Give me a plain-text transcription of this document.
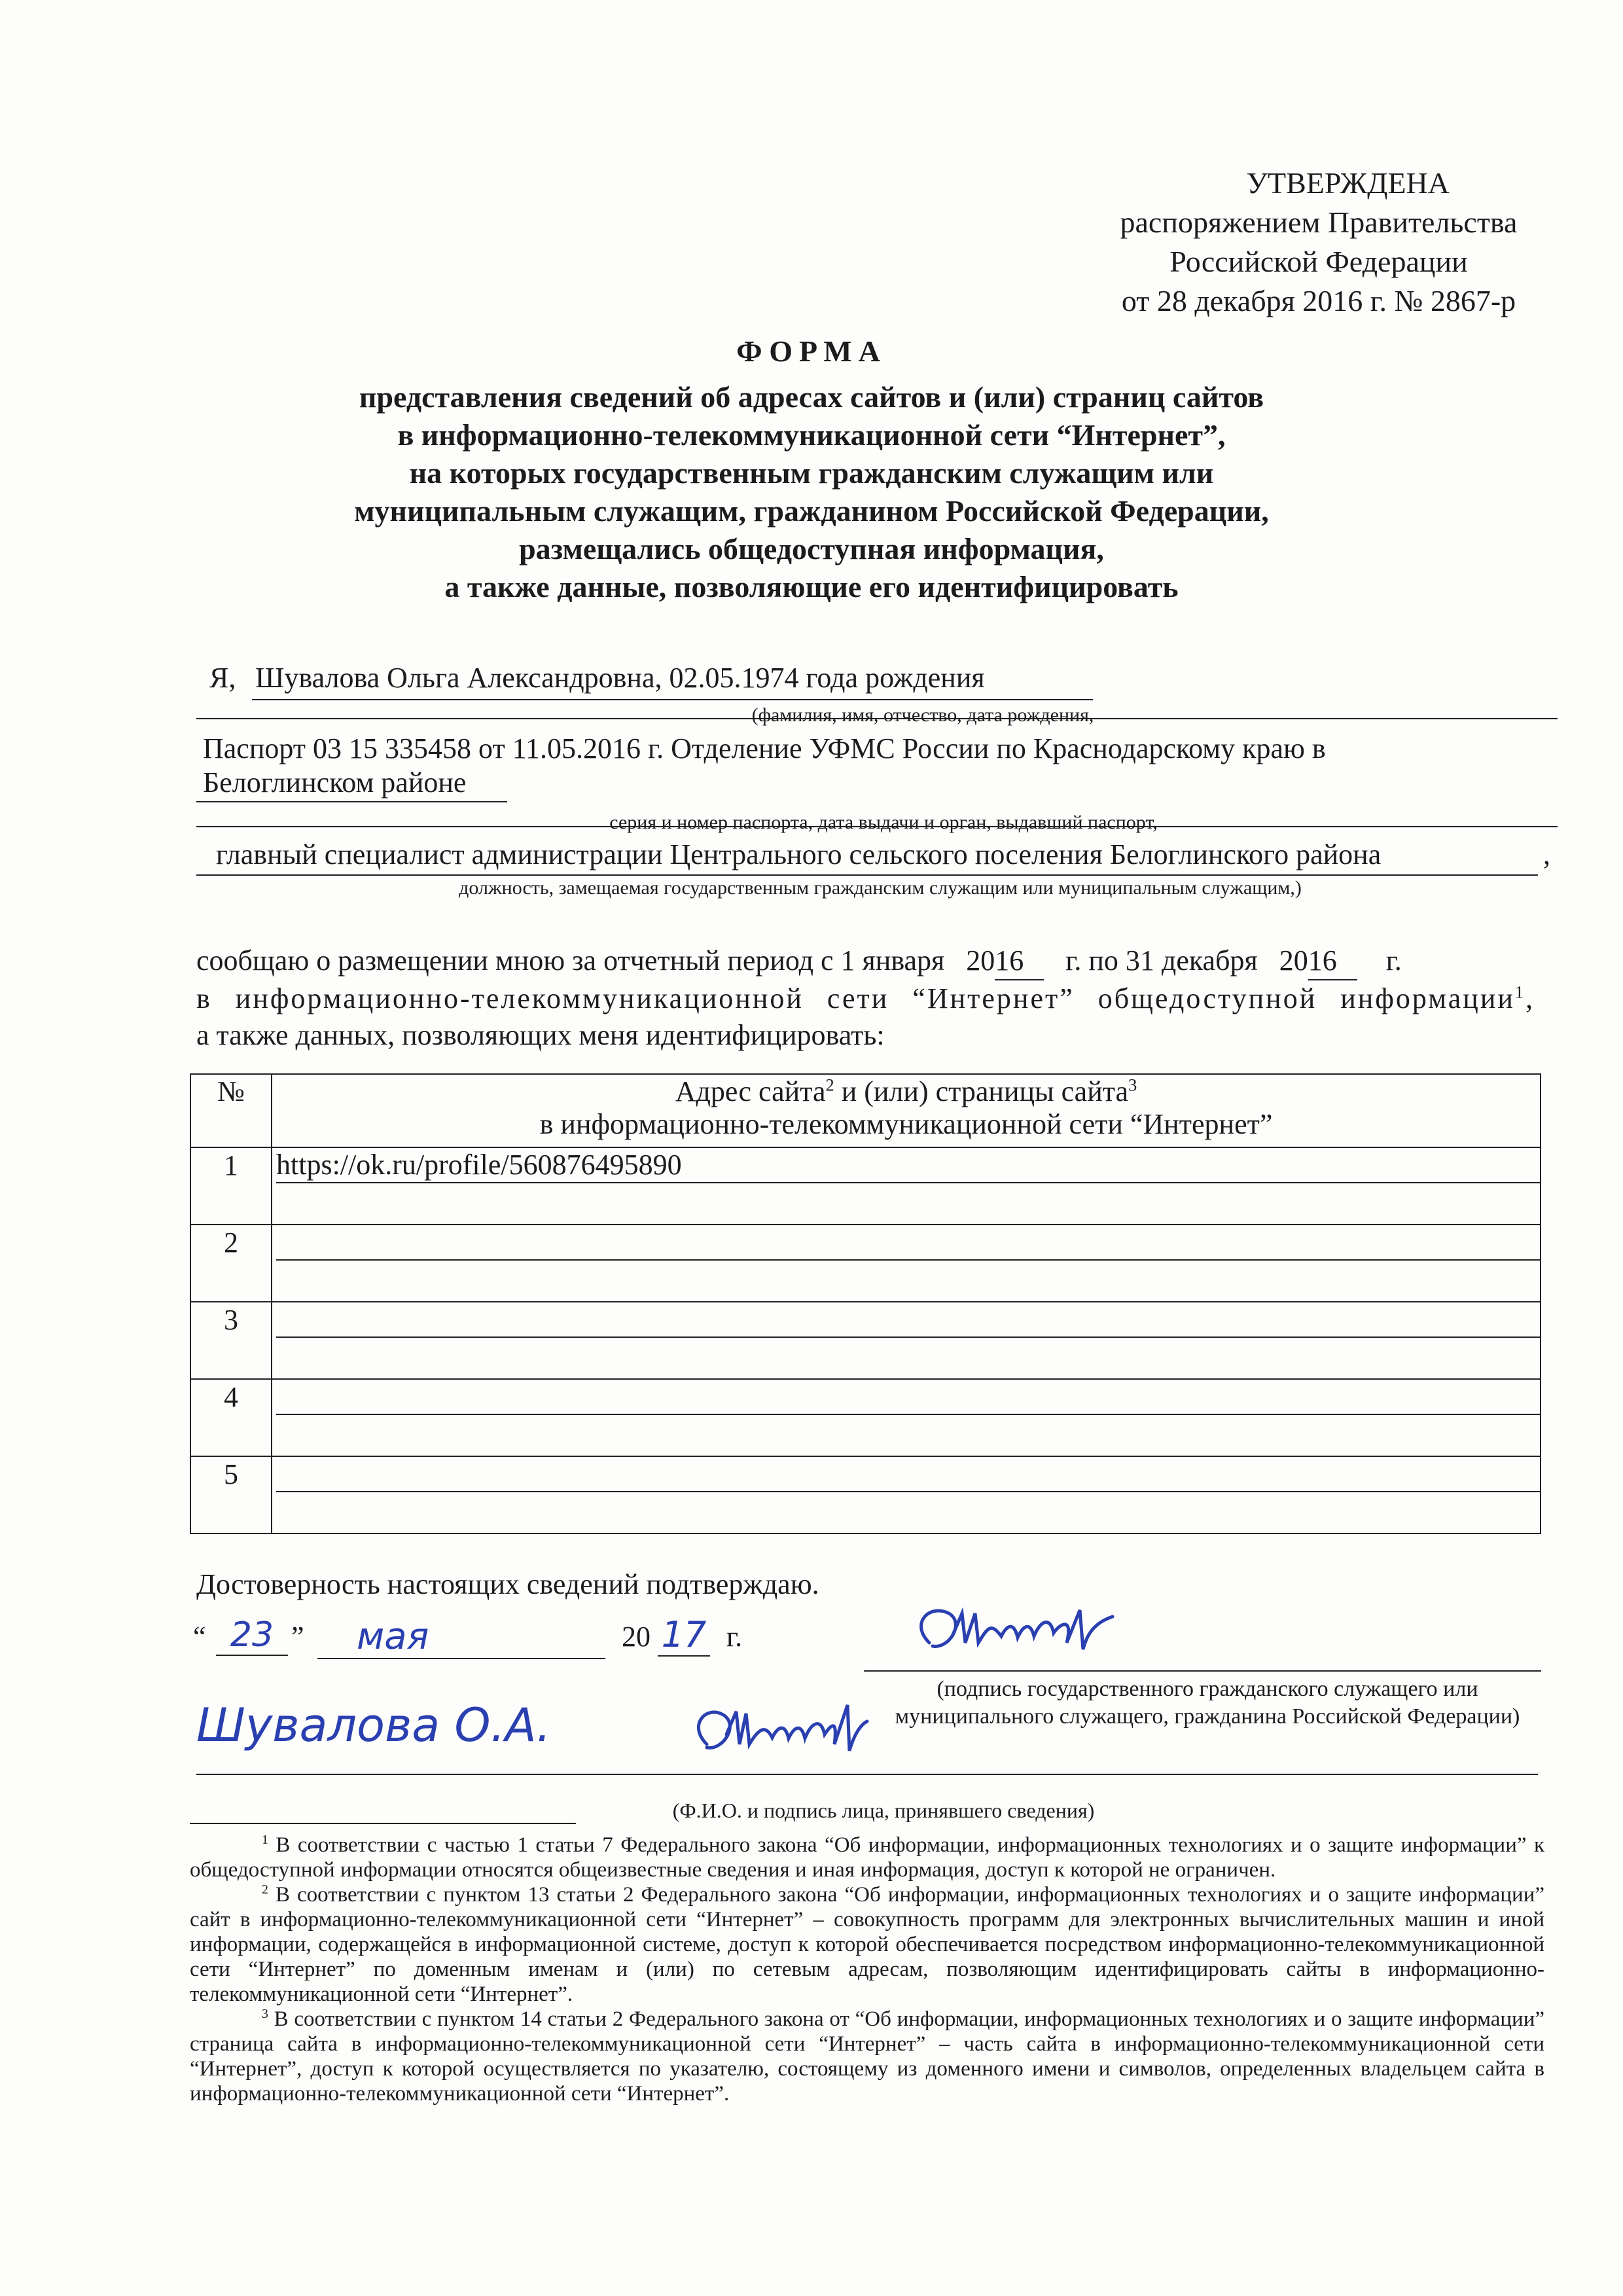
УТВЕРЖДЕНА
распоряжением Правительства
Российской Федерации
от 28 декабря 2016 г. № 2867-р
ФОРМА
представления сведений об адресах сайтов и (или) страниц сайтов
в информационно-телекоммуникационной сети “Интернет”,
на которых государственным гражданским служащим или
муниципальным служащим, гражданином Российской Федерации,
размещались общедоступная информация,
а также данные, позволяющие его идентифицировать
Я, Шувалова Ольга Александровна, 02.05.1974 года рождения
(фамилия, имя, отчество, дата рождения,
Паспорт 03 15 335458 от 11.05.2016 г. Отделение УФМС России по Краснодарскому краю в
Белоглинском районе
серия и номер паспорта, дата выдачи и орган, выдавший паспорт,
главный специалист администрации Центрального сельского поселения Белоглинского района	,
должность, замещаемая государственным гражданским служащим или муниципальным служащим,)
сообщаю о размещении мною за отчетный период с 1 января 2016 г. по 31 декабря 2016 г.
в информационно-телекоммуникационной сети “Интернет” общедоступной информации$^1$,
а также данных, позволяющих меня идентифицировать:
№	Адрес сайта$^2$ и (или) страницы сайта$^3$
в информационно-телекоммуникационной сети “Интернет”
1	https://ok.ru/profile/560876495890

2	

3	

4	

5	
Достоверность настоящих сведений подтверждаю.
“ 23 ”	мая	20 17 г.
(подпись государственного гражданского служащего или муниципального служащего, гражданина Российской Федерации)
Шувалова О.А.
(Ф.И.О. и подпись лица, принявшего сведения)

$^1$ В соответствии с частью 1 статьи 7 Федерального закона “Об информации, информационных технологиях и о защите информации” к общедоступной информации относятся общеизвестные сведения и иная информация, доступ к которой не ограничен.

$^2$ В соответствии с пунктом 13 статьи 2 Федерального закона “Об информации, информационных технологиях и о защите информации” сайт в информационно-телекоммуникационной сети “Интернет” – совокупность программ для электронных вычислительных машин и иной информации, содержащейся в информационной системе, доступ к которой обеспечивается посредством информационно-телекоммуникационной сети “Интернет” по доменным именам и (или) по сетевым адресам, позволяющим идентифицировать сайты в информационно-телекоммуникационной сети “Интернет”.

$^3$ В соответствии с пунктом 14 статьи 2 Федерального закона от “Об информации, информационных технологиях и о защите информации” страница сайта в информационно-телекоммуникационной сети “Интернет” – часть сайта в информационно-телекоммуникационной сети “Интернет”, доступ к которой осуществляется по указателю, состоящему из доменного имени и символов, определенных владельцем сайта в информационно-телекоммуникационной сети “Интернет”.
